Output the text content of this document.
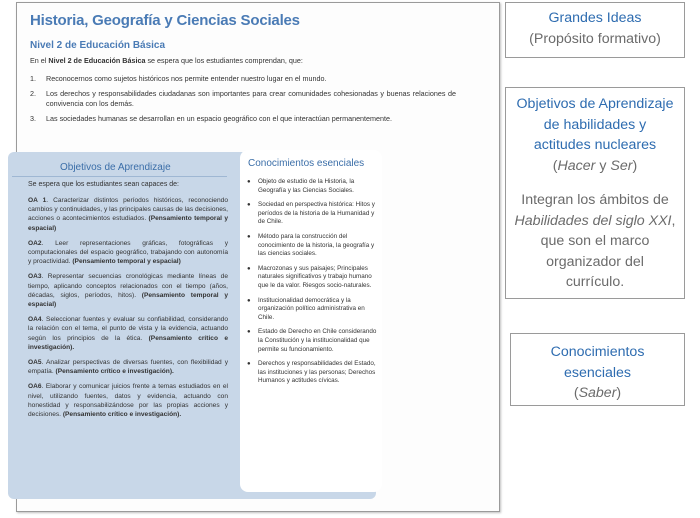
Historia, Geografía y Ciencias Sociales
Nivel 2 de Educación Básica
En el Nivel 2 de Educación Básica se espera que los estudiantes comprendan, que:
1. Reconocernos como sujetos históricos nos permite entender nuestro lugar en el mundo.
2. Los derechos y responsabilidades ciudadanas son importantes para crear comunidades cohesionadas y buenas relaciones de convivencia con los demás.
3. Las sociedades humanas se desarrollan en un espacio geográfico con el que interactúan permanentemente.
Objetivos de Aprendizaje
Se espera que los estudiantes sean capaces de:
OA 1. Caracterizar distintos períodos históricos, reconociendo cambios y continuidades, y las principales causas de las decisiones, acciones o acontecimientos estudiados. (Pensamiento temporal y espacial)
OA2. Leer representaciones gráficas, fotográficas y computacionales del espacio geográfico, trabajando con autonomía y proactividad. (Pensamiento temporal y espacial)
OA3. Representar secuencias cronológicas mediante líneas de tiempo, aplicando conceptos relacionados con el tiempo (años, décadas, siglos, períodos, hitos). (Pensamiento temporal y espacial)
OA4. Seleccionar fuentes y evaluar su confiabilidad, considerando la relación con el tema, el punto de vista y la evidencia, actuando según los principios de la ética. (Pensamiento crítico e investigación).
OA5. Analizar perspectivas de diversas fuentes, con flexibilidad y empatía. (Pensamiento crítico e investigación).
OA6. Elaborar y comunicar juicios frente a temas estudiados en el nivel, utilizando fuentes, datos y evidencia, actuando con honestidad y responsabilizándose por las propias acciones y decisiones. (Pensamiento crítico e investigación).
Conocimientos esenciales
● Objeto de estudio de la Historia, la Geografía y las Ciencias Sociales.
● Sociedad en perspectiva histórica: Hitos y períodos de la historia de la Humanidad y de Chile.
● Método para la construcción del conocimiento de la historia, la geografía y las ciencias sociales.
● Macrozonas y sus paisajes; Principales naturales significativos y trabajo humano que le da valor. Riesgos socio-naturales.
● Institucionalidad democrática y la organización político administrativa en Chile.
● Estado de Derecho en Chile considerando la Constitución y la institucionalidad que permite su funcionamiento.
● Derechos y responsabilidades del Estado, las instituciones y las personas; Derechos Humanos y actitudes cívicas.
Grandes Ideas
(Propósito formativo)
Objetivos de Aprendizaje
de habilidades y
actitudes nucleares
(Hacer y Ser)
Integran los ámbitos de
Habilidades del siglo XXI,
que son el marco
organizador del
currículo.
Conocimientos
esenciales
(Saber)
